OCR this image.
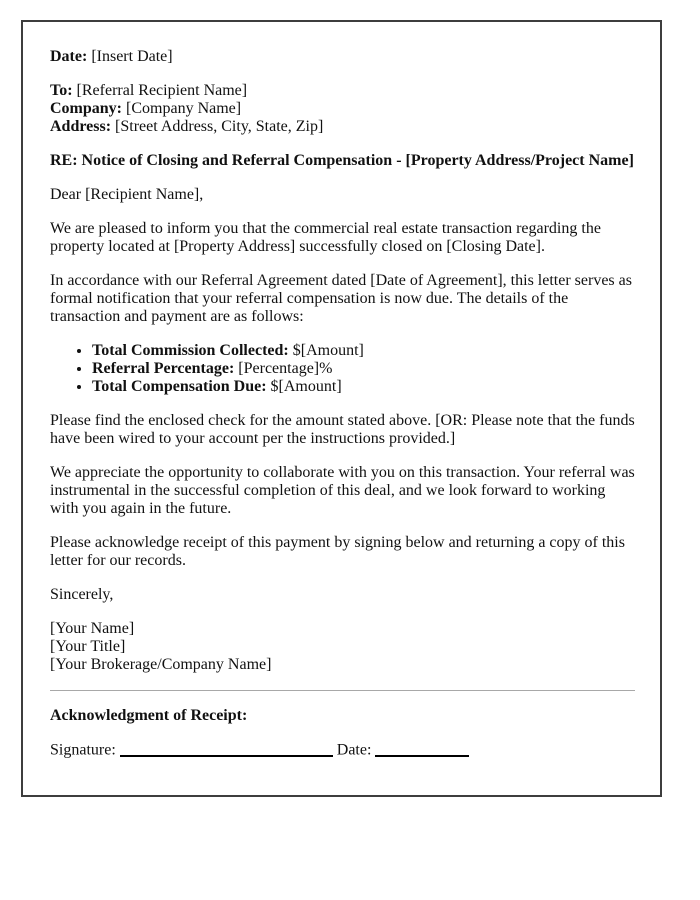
Date: [Insert Date]

To: [Referral Recipient Name]

Company: [Company Name]

Address: [Street Address, City, State, Zip]

RE: Notice of Closing and Referral Compensation - [Property Address/Project Name]

Dear [Recipient Name],

We are pleased to inform you that the commercial real estate transaction regarding the property located at [Property Address] successfully closed on [Closing Date].

In accordance with our Referral Agreement dated [Date of Agreement], this letter serves as formal notification that your referral compensation is now due. The details of the transaction and payment are as follows:

• Total Commission Collected: $[Amount]
• Referral Percentage: [Percentage]%
• Total Compensation Due: $[Amount]

Please find the enclosed check for the amount stated above. [OR: Please note that the funds have been wired to your account per the instructions provided.]

We appreciate the opportunity to collaborate with you on this transaction. Your referral was instrumental in the successful completion of this deal, and we look forward to working with you again in the future.

Please acknowledge receipt of this payment by signing below and returning a copy of this letter for our records.

Sincerely,

[Your Name]

[Your Title]

[Your Brokerage/Company Name]

Acknowledgment of Receipt:

Signature:	Date:
